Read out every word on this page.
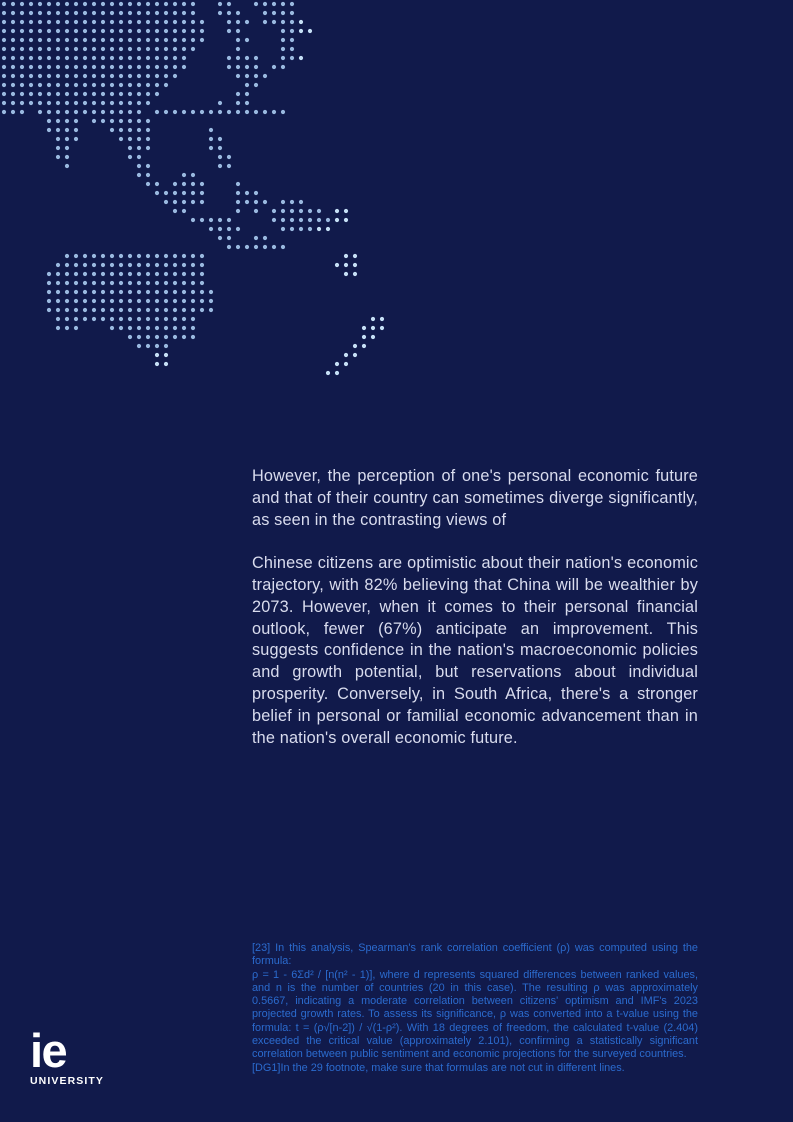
However, the perception of one's personal economic future and that of their country can sometimes diverge significantly, as seen in the contrasting views of

Chinese citizens are optimistic about their nation's economic trajectory, with 82% believing that China will be wealthier by 2073. However, when it comes to their personal financial outlook, fewer (67%) anticipate an improvement. This suggests confidence in the nation's macroeconomic policies and growth potential, but reservations about individual prosperity. Conversely, in South Africa, there's a stronger belief in personal or familial economic advancement than in the nation's overall economic future.

[23] In this analysis, Spearman's rank correlation coefficient (ρ) was computed using the formula:

ρ = 1 - 6Σd² / [n(n² - 1)], where d represents squared differences between ranked values, and n is the number of countries (20 in this case). The resulting ρ was approximately 0.5667, indicating a moderate correlation between citizens' optimism and IMF's 2023 projected growth rates. To assess its significance, ρ was converted into a t-value using the formula: t = (ρ√[n-2]) / √(1-ρ²). With 18 degrees of freedom, the calculated t-value (2.404) exceeded the critical value (approximately 2.101), confirming a statistically significant correlation between public sentiment and economic projections for the surveyed countries.

[DG1]In the 29 footnote, make sure that formulas are not cut in different lines.

ie
UNIVERSITY
